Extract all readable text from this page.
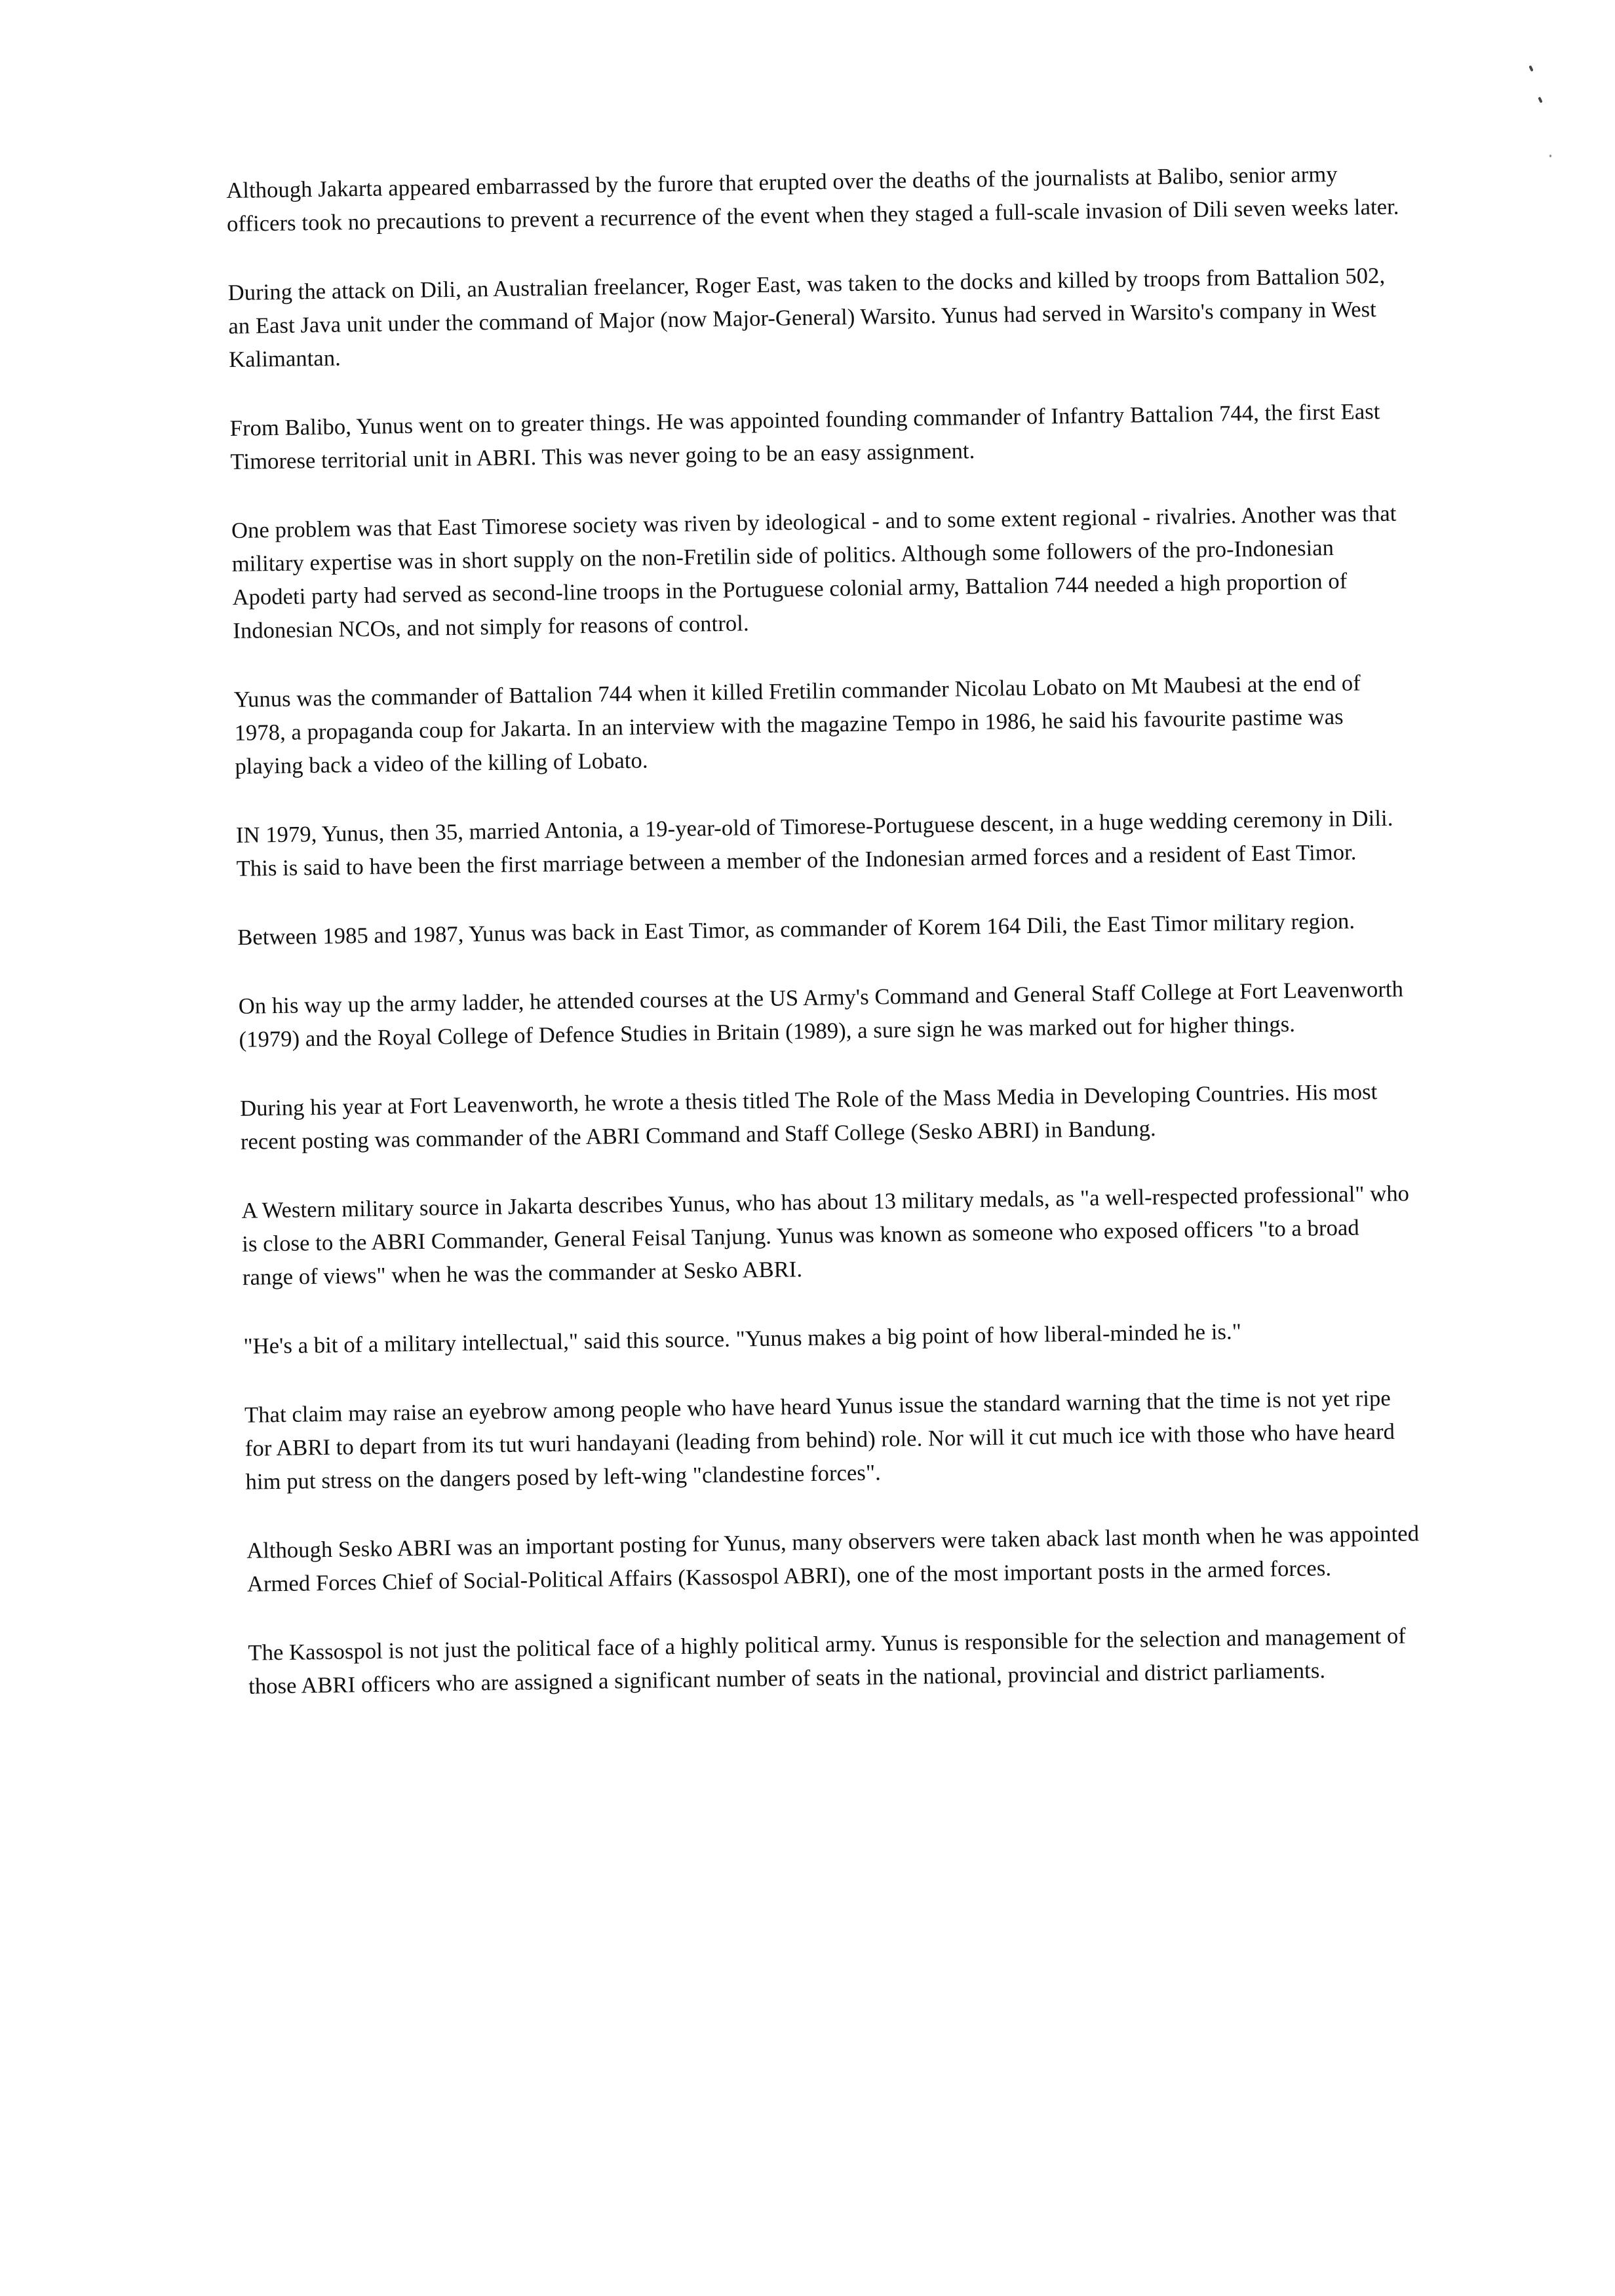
Although Jakarta appeared embarrassed by the furore that erupted over the deaths of the journalists at Balibo, senior army officers took no precautions to prevent a recurrence of the event when they staged a full-scale invasion of Dili seven weeks later.

During the attack on Dili, an Australian freelancer, Roger East, was taken to the docks and killed by troops from Battalion 502, an East Java unit under the command of Major (now Major-General) Warsito. Yunus had served in Warsito's company in West Kalimantan.

From Balibo, Yunus went on to greater things. He was appointed founding commander of Infantry Battalion 744, the first East Timorese territorial unit in ABRI. This was never going to be an easy assignment.

One problem was that East Timorese society was riven by ideological - and to some extent regional - rivalries. Another was that military expertise was in short supply on the non-Fretilin side of politics. Although some followers of the pro-Indonesian Apodeti party had served as second-line troops in the Portuguese colonial army, Battalion 744 needed a high proportion of Indonesian NCOs, and not simply for reasons of control.

Yunus was the commander of Battalion 744 when it killed Fretilin commander Nicolau Lobato on Mt Maubesi at the end of 1978, a propaganda coup for Jakarta. In an interview with the magazine Tempo in 1986, he said his favourite pastime was playing back a video of the killing of Lobato.

IN 1979, Yunus, then 35, married Antonia, a 19-year-old of Timorese-Portuguese descent, in a huge wedding ceremony in Dili. This is said to have been the first marriage between a member of the Indonesian armed forces and a resident of East Timor.

Between 1985 and 1987, Yunus was back in East Timor, as commander of Korem 164 Dili, the East Timor military region.

On his way up the army ladder, he attended courses at the US Army's Command and General Staff College at Fort Leavenworth (1979) and the Royal College of Defence Studies in Britain (1989), a sure sign he was marked out for higher things.

During his year at Fort Leavenworth, he wrote a thesis titled The Role of the Mass Media in Developing Countries. His most recent posting was commander of the ABRI Command and Staff College (Sesko ABRI) in Bandung.

A Western military source in Jakarta describes Yunus, who has about 13 military medals, as "a well-respected professional" who is close to the ABRI Commander, General Feisal Tanjung. Yunus was known as someone who exposed officers "to a broad range of views" when he was the commander at Sesko ABRI.

"He's a bit of a military intellectual," said this source. "Yunus makes a big point of how liberal-minded he is."

That claim may raise an eyebrow among people who have heard Yunus issue the standard warning that the time is not yet ripe for ABRI to depart from its tut wuri handayani (leading from behind) role. Nor will it cut much ice with those who have heard him put stress on the dangers posed by left-wing "clandestine forces".

Although Sesko ABRI was an important posting for Yunus, many observers were taken aback last month when he was appointed Armed Forces Chief of Social-Political Affairs (Kassospol ABRI), one of the most important posts in the armed forces.

The Kassospol is not just the political face of a highly political army. Yunus is responsible for the selection and management of those ABRI officers who are assigned a significant number of seats in the national, provincial and district parliaments.
